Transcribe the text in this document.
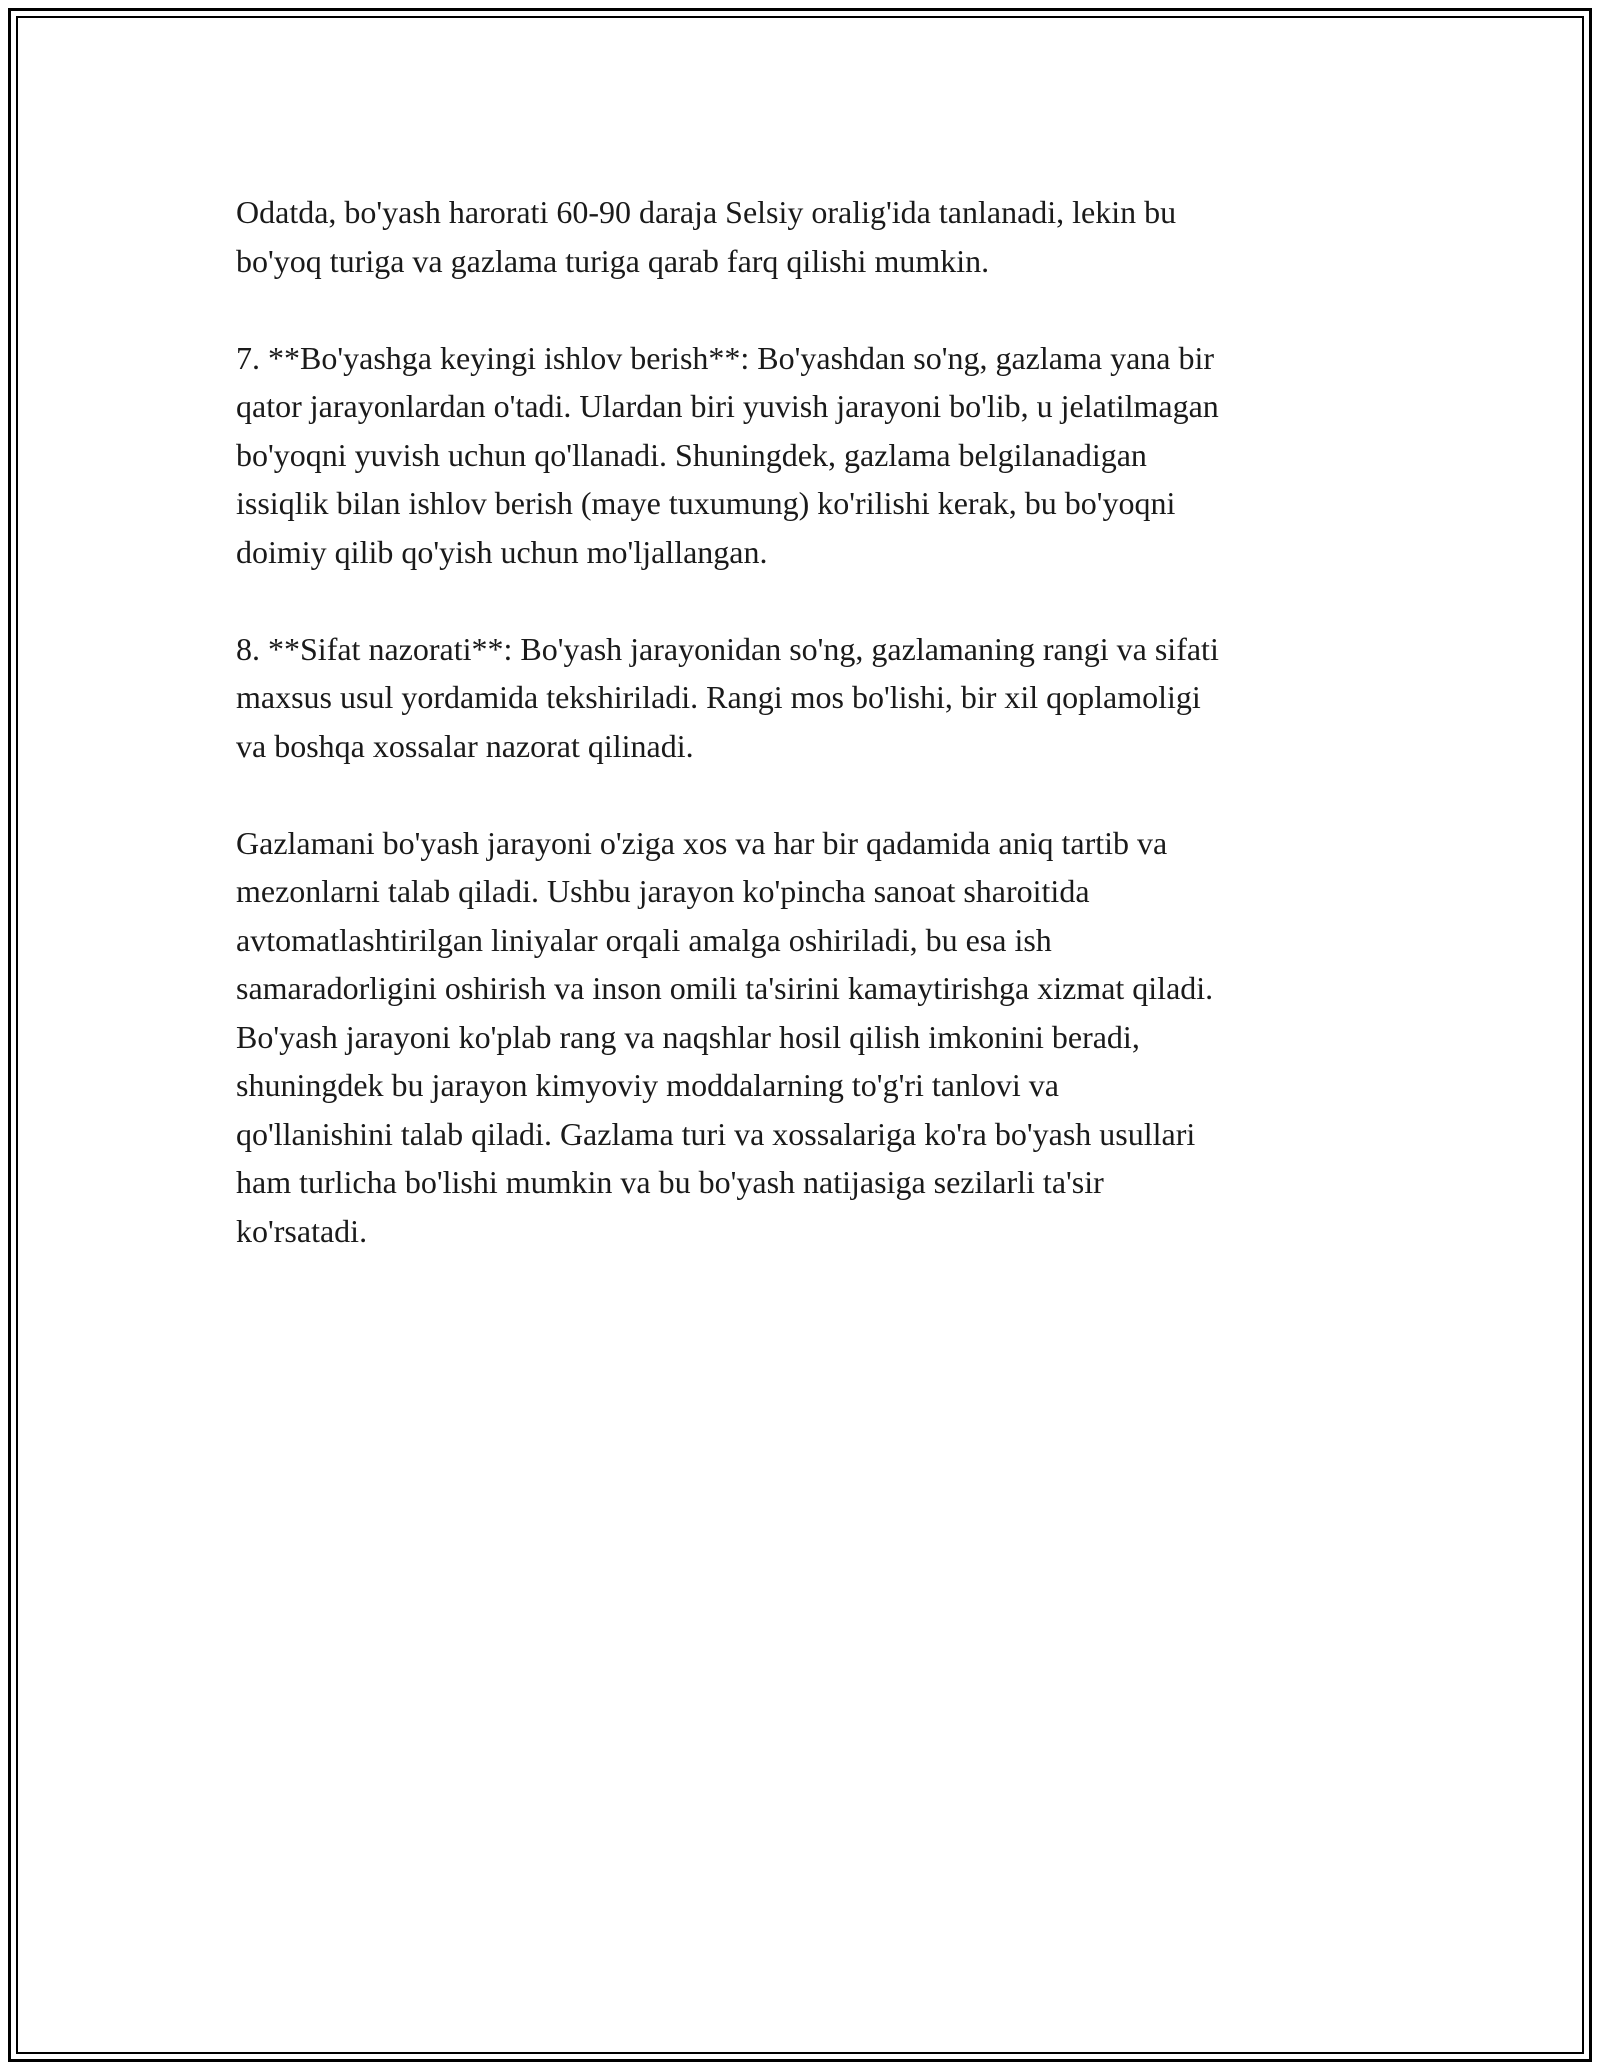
Odatda, bo'yash harorati 60-90 daraja Selsiy oralig'ida tanlanadi, lekin bu
bo'yoq turiga va gazlama turiga qarab farq qilishi mumkin.

7. **Bo'yashga keyingi ishlov berish**: Bo'yashdan so'ng, gazlama yana bir
qator jarayonlardan o'tadi. Ulardan biri yuvish jarayoni bo'lib, u jelatilmagan
bo'yoqni yuvish uchun qo'llanadi. Shuningdek, gazlama belgilanadigan
issiqlik bilan ishlov berish (maye tuxumung) ko'rilishi kerak, bu bo'yoqni
doimiy qilib qo'yish uchun mo'ljallangan.

8. **Sifat nazorati**: Bo'yash jarayonidan so'ng, gazlamaning rangi va sifati
maxsus usul yordamida tekshiriladi. Rangi mos bo'lishi, bir xil qoplamoligi
va boshqa xossalar nazorat qilinadi.

Gazlamani bo'yash jarayoni o'ziga xos va har bir qadamida aniq tartib va
mezonlarni talab qiladi. Ushbu jarayon ko'pincha sanoat sharoitida
avtomatlashtirilgan liniyalar orqali amalga oshiriladi, bu esa ish
samaradorligini oshirish va inson omili ta'sirini kamaytirishga xizmat qiladi.
Bo'yash jarayoni ko'plab rang va naqshlar hosil qilish imkonini beradi,
shuningdek bu jarayon kimyoviy moddalarning to'g'ri tanlovi va
qo'llanishini talab qiladi. Gazlama turi va xossalariga ko'ra bo'yash usullari
ham turlicha bo'lishi mumkin va bu bo'yash natijasiga sezilarli ta'sir
ko'rsatadi.
